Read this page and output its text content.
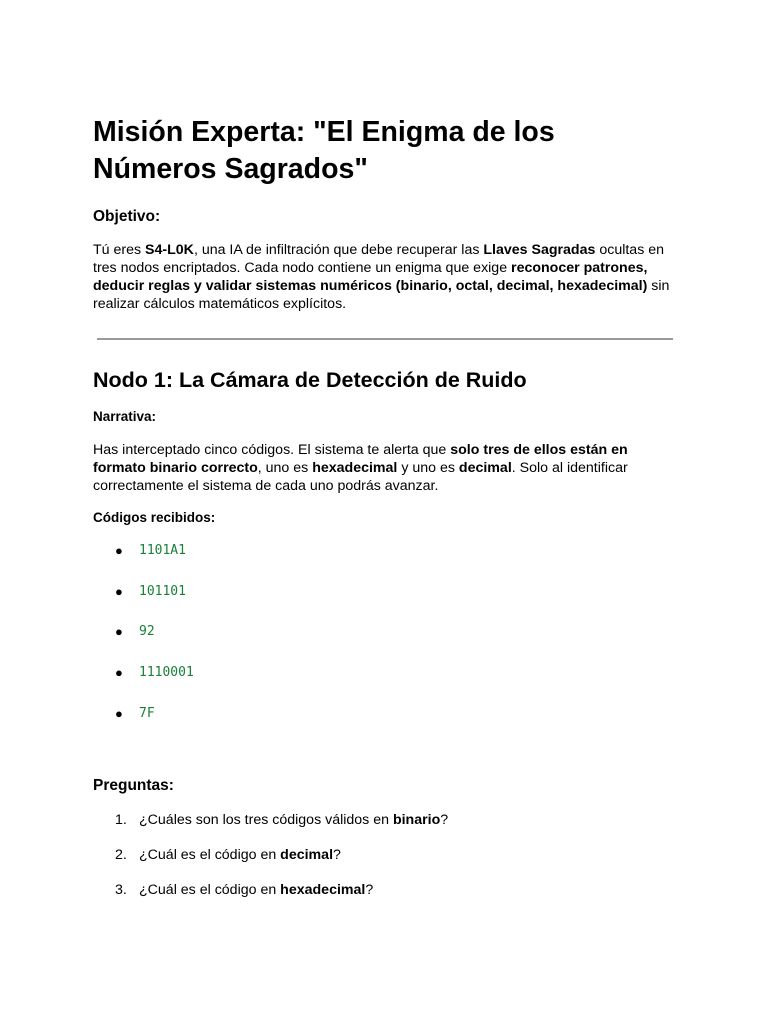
Misión Experta: "El Enigma de los Números Sagrados"
Objetivo:

Tú eres S4-L0K, una IA de infiltración que debe recuperar las Llaves Sagradas ocultas en tres nodos encriptados. Cada nodo contiene un enigma que exige reconocer patrones, deducir reglas y validar sistemas numéricos (binario, octal, decimal, hexadecimal) sin realizar cálculos matemáticos explícitos.

Nodo 1: La Cámara de Detección de Ruido
Narrativa:

Has interceptado cinco códigos. El sistema te alerta que solo tres de ellos están en formato binario correcto, uno es hexadecimal y uno es decimal. Solo al identificar correctamente el sistema de cada uno podrás avanzar.

Códigos recibidos:
● 1101A1
● 101101
● 92
● 1110001
● 7F
Preguntas:
1. ¿Cuáles son los tres códigos válidos en binario?
2. ¿Cuál es el código en decimal?
3. ¿Cuál es el código en hexadecimal?
